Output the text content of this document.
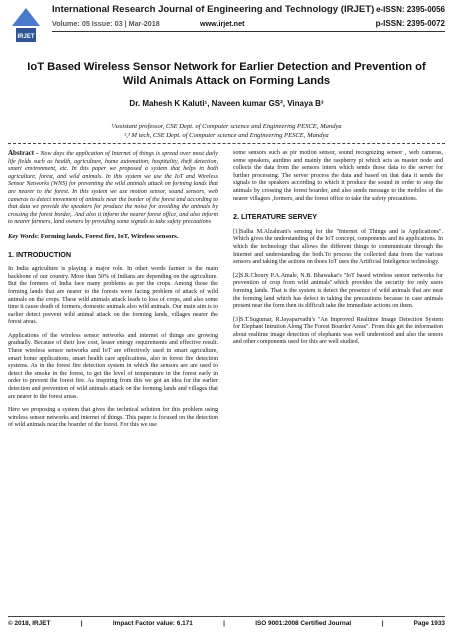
IRJET
International Research Journal of Engineering and Technology (IRJET) e-ISSN: 2395-0056
Volume: 05 Issue: 03 | Mar-2018	www.irjet.net	p-ISSN: 2395-0072
IoT Based Wireless Sensor Network for Earlier Detection and Prevention of Wild Animals Attack on Forming Lands
Dr. Mahesh K Kaluti¹, Naveen kumar GS², Vinaya B³
¹Assistant professor, CSE Dept. of Computer science and Engineering PESCE, Mandya
²,³ M tech, CSE Dept. of Computer science and Engineering PESCE, Mandya

Abstract - Now days the application of Internet of things is spread over most daily life fields such as health, agriculture, home automation, hospitality, theft detection, smart environment, etc. In this paper we proposed a system that helps in both agriculture, forest, and wild animals. In this system we use the IoT and Wireless Sensor Networks (WNS) for preventing the wild animals attack on forming lands that are nearer to the forest. In this system we use motion sensor, sound sensors, web cameras to detect movement of animals near the border of the forest and according to that data we provide the speakers for produce the noise for avoiding the animals by crossing the forest border,. And also it inform the nearer forest office, and also inform to nearer farmers, land owners by providing some signals to take safety precautions

Key Words: Forming lands, Forest fire, IoT, Wireless sensors.

1. INTRODUCTION

In India agriculture is playing a major role. In other words farmer is the main backbone of our country. More than 50% of Indians are depending on the agriculture. But the formers of India face many problems as per the crops. Among those the forming lands that are nearer to the forests were facing problem of attack of wild animals on the crops. These wild animals attack leads to loss of crops, and also some time it cause death of formers, domestic animals also wild animals. Our main aim is to earlier detect prevent wild animal attack on the forming lands, villages nearer the forest areas.

Applications of the wireless sensor networks and internet of things are growing gradually. Because of their low cost, lesser energy requirements and effective result. These wireless sensor networks and IoT are effectively used in smart agriculture, smart home applications, smart health care applications, also in forest fire detection systems. As in the forest fire detection system in which the sensors are are used to detect the smoke in the forest, to get the level of temperature in the forest early in order to prevent the forest fire. As inspiring from this we got an idea for the earlier detection and prevention of wild animals attack on the forming lands and villages that are nearer to the forest areas.

Here we proposing a system that gives the technical solution for this problem using wireless sensor networks and internet of things. This paper is focused on the detection of wild animals near the boarder of the forest. For this we use

some sensors such as pir motion sensor, sound recognizing sensor , web cameras, some speakers, aurdino and mainly the raspberry pi which acts as master node and collects the data from the sensors intern which sends those data to the server for further processing. The server process the data and based on that data it sends the signals to the speakers according to which it produce the sound in order to stop the animals by crossing the forest boarder, and also sends message to the mobiles of the nearer villagers ,formers, and the forest office to take the safety precautions.

2. LITERATURE SERVEY

[1]Salha M.Alzahrani's sensing for the "Internet of Things and is Applications". Which gives the understanding of the IoT concept, components and its applications. In which the technology that allows the different things to communicate through the Internet and understanding the both.To process the collected data from the various sensors and taking the actions on thoes IoT uses the Artificial Inteligence technology.

[2]S.R.Choury P.A.Amale, N.B. Bhawakar's "IoT based wireless sensor networks for prevention of crop from wild animals".which provides the security for only users forming lands. That is the system is detect the presence of wild animals that are near the forming land which has defect in taking the precautions because in case animals present near the form then its difficult take the immediate actions on them.

[3]S.T.Sugumar, R.Jayaparvathi's "An Improved Realtime Image Detection System for Elephant Intrution Along The Forest Boarder Areas". From this get the information about realtime image detection of elephants was well understood and also the senors and other components used for this are well studied.

© 2018, IRJET	|	Impact Factor value: 6.171	|	ISO 9001:2008 Certified Journal	|	Page 1933
